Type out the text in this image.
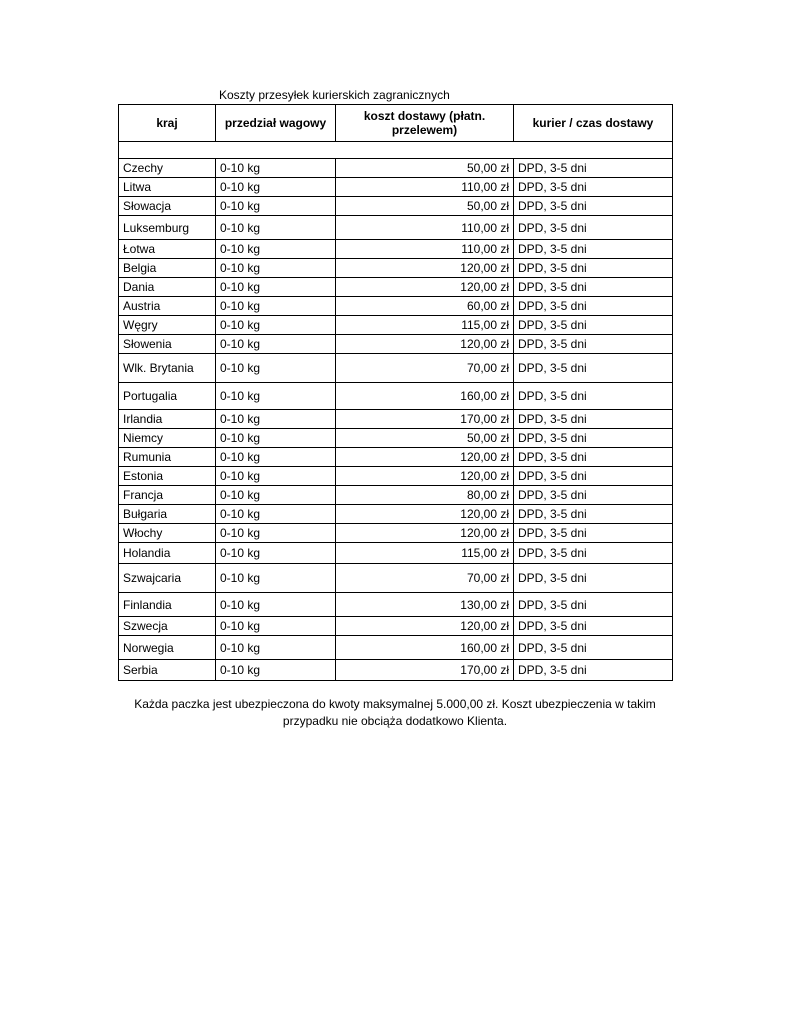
Koszty przesyłek kurierskich zagranicznych
kraj	przedział wagowy	koszt dostawy (płatn. przelewem)	kurier / czas dostawy

Czechy	0-10 kg	50,00 zł	DPD, 3-5 dni
Litwa	0-10 kg	110,00 zł	DPD, 3-5 dni
Słowacja	0-10 kg	50,00 zł	DPD, 3-5 dni
Luksemburg	0-10 kg	110,00 zł	DPD, 3-5 dni
Łotwa	0-10 kg	110,00 zł	DPD, 3-5 dni
Belgia	0-10 kg	120,00 zł	DPD, 3-5 dni
Dania	0-10 kg	120,00 zł	DPD, 3-5 dni
Austria	0-10 kg	60,00 zł	DPD, 3-5 dni
Węgry	0-10 kg	115,00 zł	DPD, 3-5 dni
Słowenia	0-10 kg	120,00 zł	DPD, 3-5 dni
Wlk. Brytania	0-10 kg	70,00 zł	DPD, 3-5 dni
Portugalia	0-10 kg	160,00 zł	DPD, 3-5 dni
Irlandia	0-10 kg	170,00 zł	DPD, 3-5 dni
Niemcy	0-10 kg	50,00 zł	DPD, 3-5 dni
Rumunia	0-10 kg	120,00 zł	DPD, 3-5 dni
Estonia	0-10 kg	120,00 zł	DPD, 3-5 dni
Francja	0-10 kg	80,00 zł	DPD, 3-5 dni
Bułgaria	0-10 kg	120,00 zł	DPD, 3-5 dni
Włochy	0-10 kg	120,00 zł	DPD, 3-5 dni
Holandia	0-10 kg	115,00 zł	DPD, 3-5 dni
Szwajcaria	0-10 kg	70,00 zł	DPD, 3-5 dni
Finlandia	0-10 kg	130,00 zł	DPD, 3-5 dni
Szwecja	0-10 kg	120,00 zł	DPD, 3-5 dni
Norwegia	0-10 kg	160,00 zł	DPD, 3-5 dni
Serbia	0-10 kg	170,00 zł	DPD, 3-5 dni
Każda paczka jest ubezpieczona do kwoty maksymalnej 5.000,00 zł. Koszt ubezpieczenia w takim przypadku nie obciąża dodatkowo Klienta.
